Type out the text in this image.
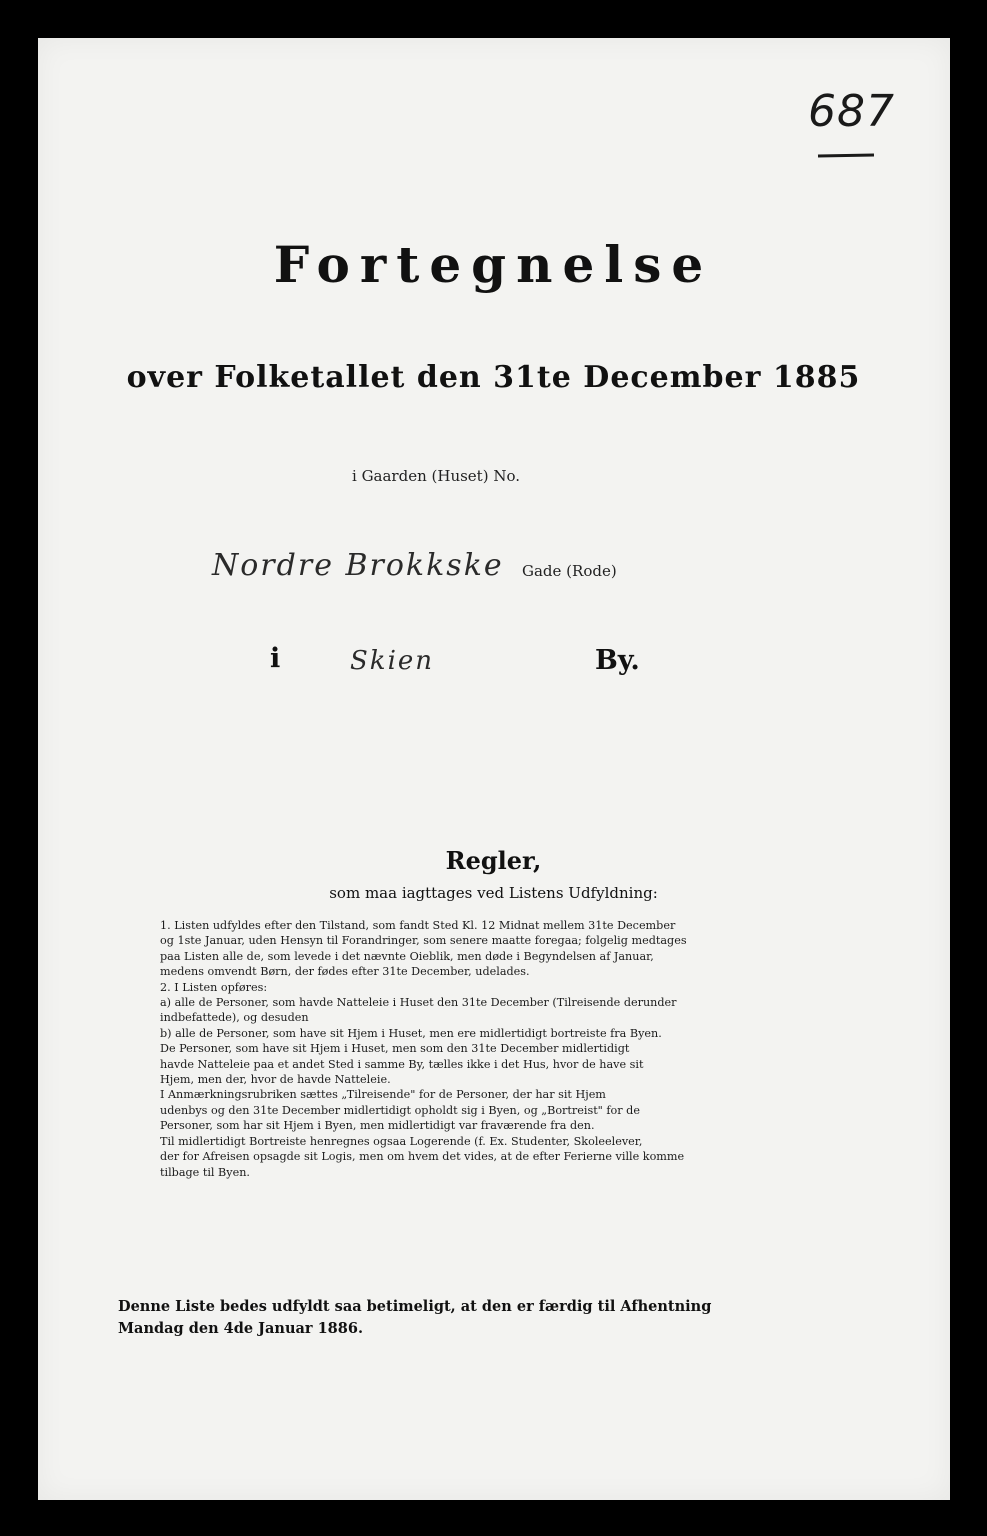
687
Fortegnelse
over Folketallet den 31te December 1885
i Gaarden (Huset) No.
Nordre Brokkske Gade (Rode)
i	Skien	By.
Regler,
som maa iagttages ved Listens Udfyldning:
1. Listen udfyldes efter den Tilstand, som fandt Sted Kl. 12 Midnat mellem 31te December
og 1ste Januar, uden Hensyn til Forandringer, som senere maatte foregaa; folgelig medtages
paa Listen alle de, som levede i det nævnte Oieblik, men døde i Begyndelsen af Januar,
medens omvendt Børn, der fødes efter 31te December, udelades.
2. I Listen opføres:
a) alle de Personer, som havde Natteleie i Huset den 31te December (Tilreisende derunder
indbefattede), og desuden
b) alle de Personer, som have sit Hjem i Huset, men ere midlertidigt bortreiste fra Byen.
De Personer, som have sit Hjem i Huset, men som den 31te December midlertidigt
havde Natteleie paa et andet Sted i samme By, tælles ikke i det Hus, hvor de have sit
Hjem, men der, hvor de havde Natteleie.
I Anmærkningsrubriken sættes „Tilreisende" for de Personer, der har sit Hjem
udenbys og den 31te December midlertidigt opholdt sig i Byen, og „Bortreist" for de
Personer, som har sit Hjem i Byen, men midlertidigt var fraværende fra den.
Til midlertidigt Bortreiste henregnes ogsaa Logerende (f. Ex. Studenter, Skoleelever,
der for Afreisen opsagde sit Logis, men om hvem det vides, at de efter Ferierne ville komme
tilbage til Byen.
Denne Liste bedes udfyldt saa betimeligt, at den er færdig til Afhentning
Mandag den 4de Januar 1886.
